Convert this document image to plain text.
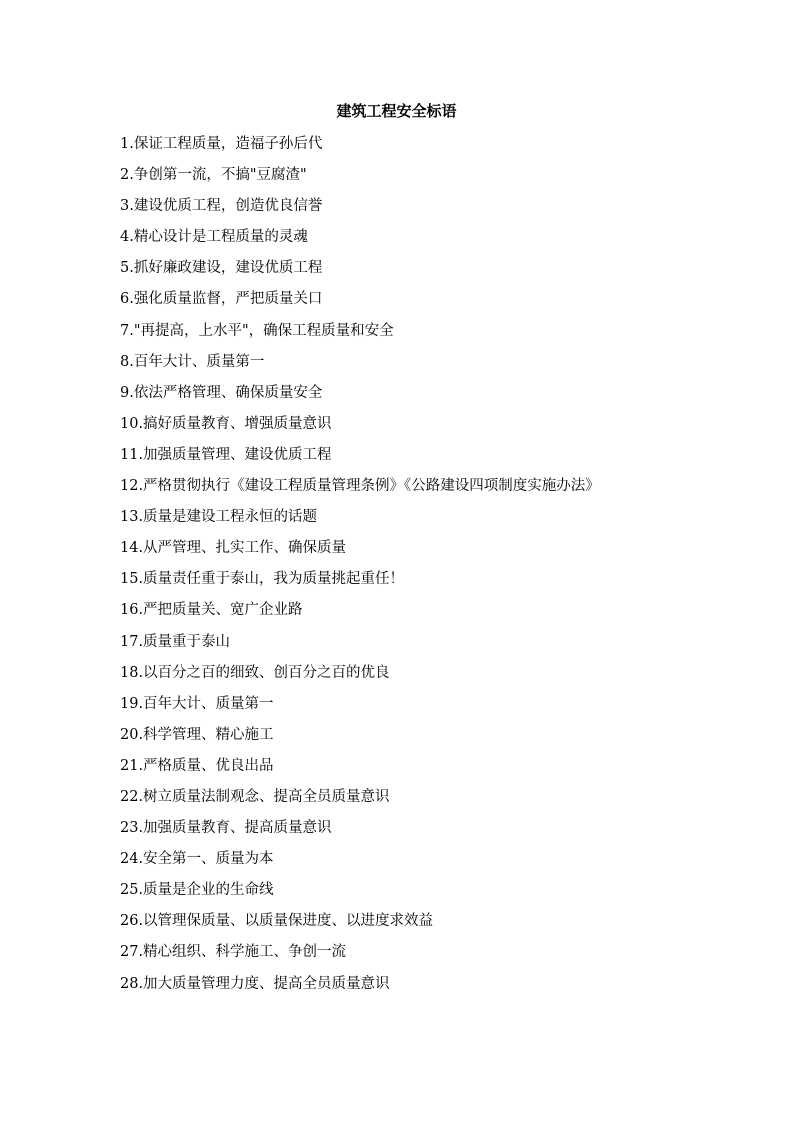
建筑工程安全标语
1.保证工程质量，造福子孙后代
2.争创第一流，不搞"豆腐渣"
3.建设优质工程，创造优良信誉
4.精心设计是工程质量的灵魂
5.抓好廉政建设，建设优质工程
6.强化质量监督，严把质量关口
7."再提高，上水平"，确保工程质量和安全
8.百年大计、质量第一
9.依法严格管理、确保质量安全
10.搞好质量教育、增强质量意识
11.加强质量管理、建设优质工程
12.严格贯彻执行《建设工程质量管理条例》《公路建设四项制度实施办法》
13.质量是建设工程永恒的话题
14.从严管理、扎实工作、确保质量
15.质量责任重于泰山，我为质量挑起重任！
16.严把质量关、宽广企业路
17.质量重于泰山
18.以百分之百的细致、创百分之百的优良
19.百年大计、质量第一
20.科学管理、精心施工
21.严格质量、优良出品
22.树立质量法制观念、提高全员质量意识
23.加强质量教育、提高质量意识
24.安全第一、质量为本
25.质量是企业的生命线
26.以管理保质量、以质量保进度、以进度求效益
27.精心组织、科学施工、争创一流
28.加大质量管理力度、提高全员质量意识
